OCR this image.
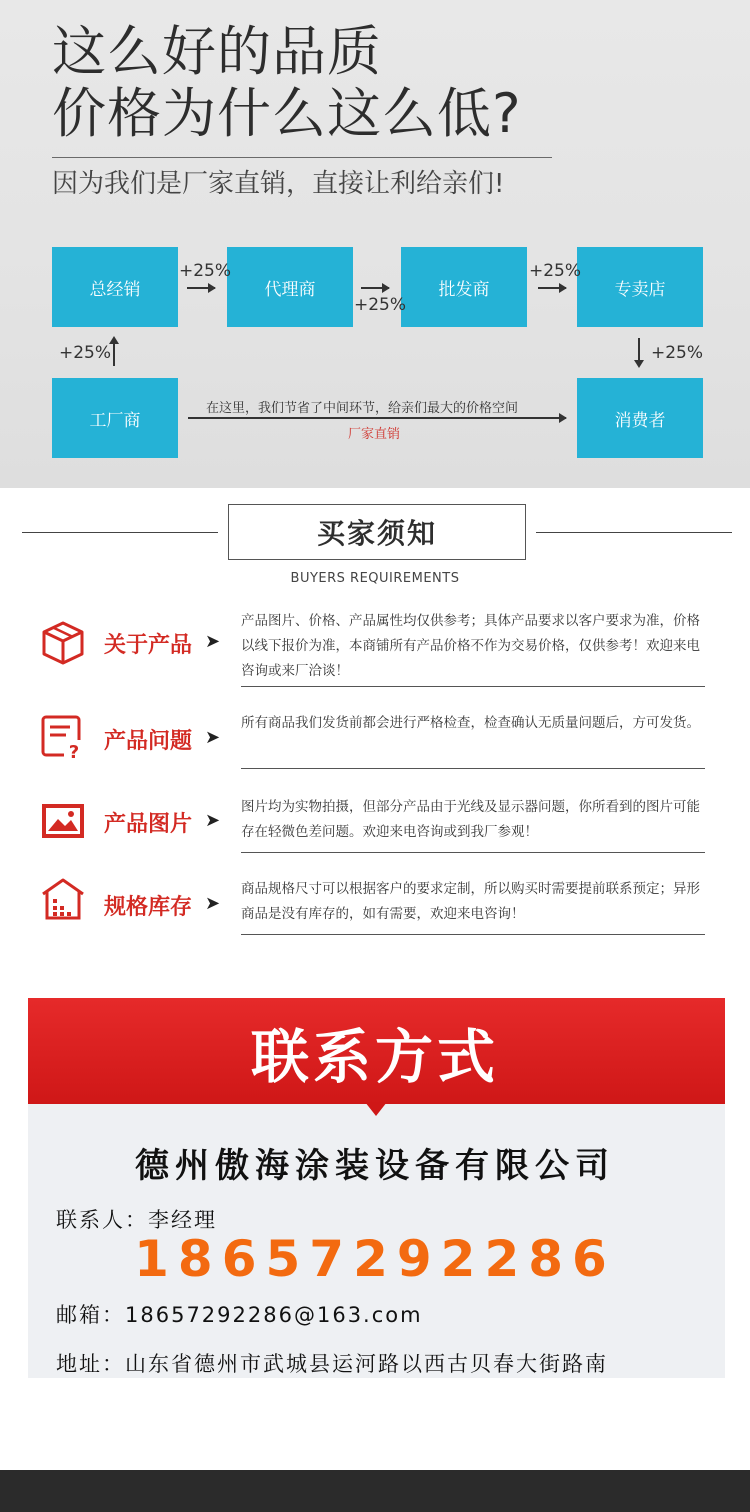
这么好的品质
价格为什么这么低?
因为我们是厂家直销，直接让利给亲们!
总经销	代理商	批发商	专卖店
工厂商	消费者
+25%
+25%
+25%
+25%	+25%
在这里，我们节省了中间环节，给亲们最大的价格空间
厂家直销
买家须知
BUYERS REQUIREMENTS
关于产品 ➤
产品图片、价格、产品属性均仅供参考；具体产品要求以客户要求为准，价格以线下报价为准，本商铺所有产品价格不作为交易价格，仅供参考！欢迎来电咨询或来厂洽谈！
? 产品问题 ➤
所有商品我们发货前都会进行严格检查，检查确认无质量问题后，方可发货。
产品图片 ➤
图片均为实物拍摄，但部分产品由于光线及显示器问题，你所看到的图片可能存在轻微色差问题。欢迎来电咨询或到我厂参观！
规格库存 ➤
商品规格尺寸可以根据客户的要求定制，所以购买时需要提前联系预定；异形商品是没有库存的，如有需要，欢迎来电咨询！
联系方式
德州傲海涂装设备有限公司
联系人：李经理
18657292286
邮箱：18657292286@163.com
地址：山东省德州市武城县运河路以西古贝春大街路南
